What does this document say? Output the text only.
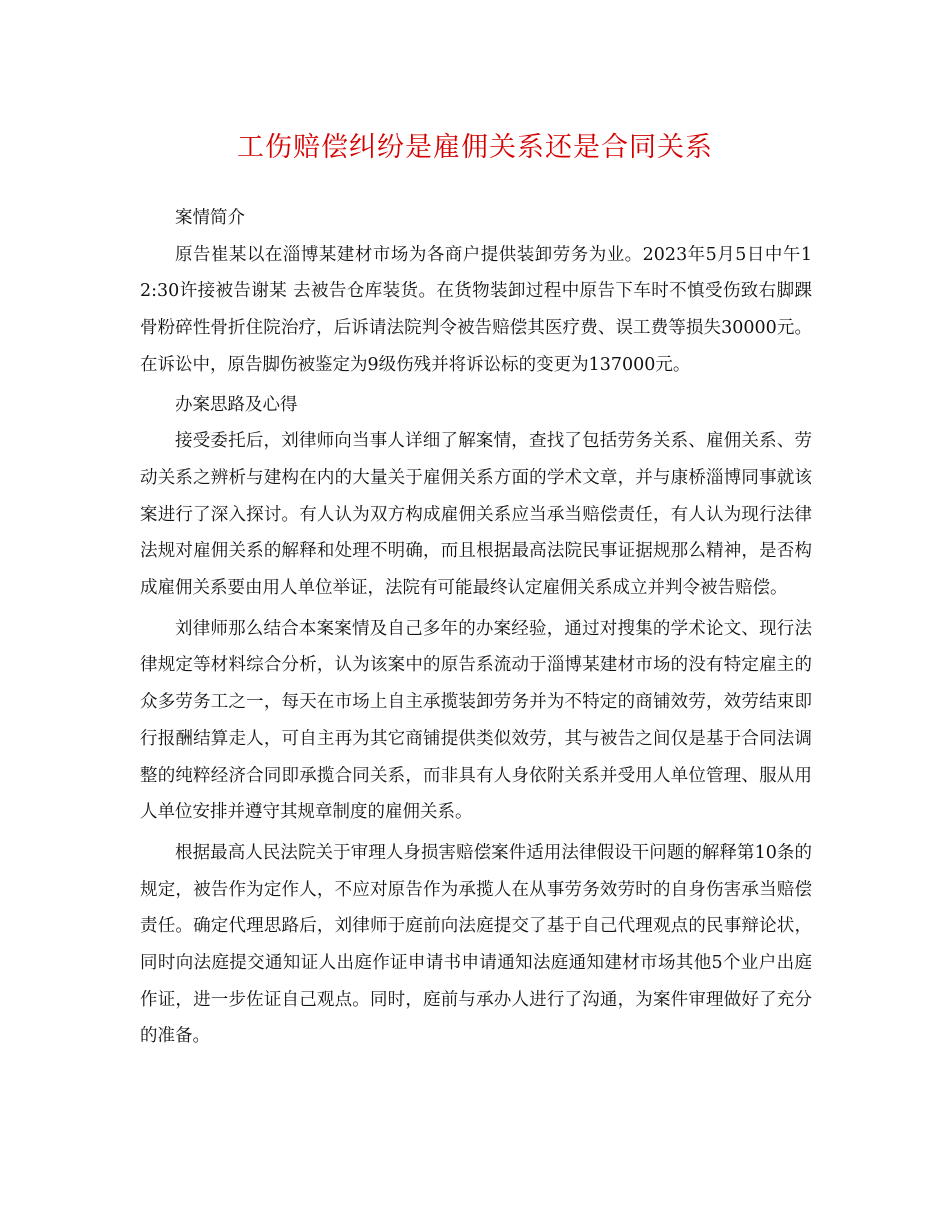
工伤赔偿纠纷是雇佣关系还是合同关系
案情简介

原告崔某以在淄博某建材市场为各商户提供装卸劳务为业。2023年5月5日中午12:30许接被告谢某 去被告仓库装货。在货物装卸过程中原告下车时不慎受伤致右脚踝骨粉碎性骨折住院治疗，后诉请法院判令被告赔偿其医疗费、误工费等损失30000元。在诉讼中，原告脚伤被鉴定为9级伤残并将诉讼标的变更为137000元。

办案思路及心得

接受委托后，刘律师向当事人详细了解案情，查找了包括劳务关系、雇佣关系、劳动关系之辨析与建构在内的大量关于雇佣关系方面的学术文章，并与康桥淄博同事就该案进行了深入探讨。有人认为双方构成雇佣关系应当承当赔偿责任，有人认为现行法律法规对雇佣关系的解释和处理不明确，而且根据最高法院民事证据规那么精神，是否构成雇佣关系要由用人单位举证，法院有可能最终认定雇佣关系成立并判令被告赔偿。

刘律师那么结合本案案情及自己多年的办案经验，通过对搜集的学术论文、现行法律规定等材料综合分析，认为该案中的原告系流动于淄博某建材市场的没有特定雇主的众多劳务工之一，每天在市场上自主承揽装卸劳务并为不特定的商铺效劳，效劳结束即行报酬结算走人，可自主再为其它商铺提供类似效劳，其与被告之间仅是基于合同法调整的纯粹经济合同即承揽合同关系，而非具有人身依附关系并受用人单位管理、服从用人单位安排并遵守其规章制度的雇佣关系。

根据最高人民法院关于审理人身损害赔偿案件适用法律假设干问题的解释第10条的规定，被告作为定作人，不应对原告作为承揽人在从事劳务效劳时的自身伤害承当赔偿责任。确定代理思路后，刘律师于庭前向法庭提交了基于自己代理观点的民事辩论状，同时向法庭提交通知证人出庭作证申请书申请通知法庭通知建材市场其他5个业户出庭作证，进一步佐证自己观点。同时，庭前与承办人进行了沟通，为案件审理做好了充分的准备。
